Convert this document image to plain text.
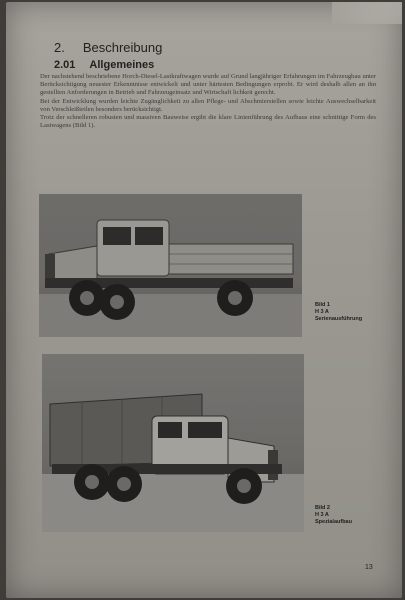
2. Beschreibung
2.01 Allgemeines

Der nachstehend beschriebene Horch-Diesel-Lastkraftwagen wurde auf Grund langjähriger Erfahrungen im Fahrzeugbau unter Berücksichtigung neuester Erkenntnisse entwickelt und unter härtesten Bedingungen erprobt. Er wird deshalb allen an ihn gestellten Anforderungen in Betrieb und Fahrzeugeinsatz und Wirtschaft lichkeit gerecht.

Bei der Entwicklung wurden leichte Zugänglichkeit zu allen Pflege- und Abschmierstellen sowie leichte Auswechselbarkeit von Verschleißteilen besonders berücksichtigt.

Trotz der schnelleren robusten und massiven Bauweise ergibt die klare Linienführung des Aufbaus eine schnittige Form des Lastwagens (Bild 1).

Bild 1
H 3 A
Serienausführung
Bild 2
H 3 A
Spezialaufbau
13
